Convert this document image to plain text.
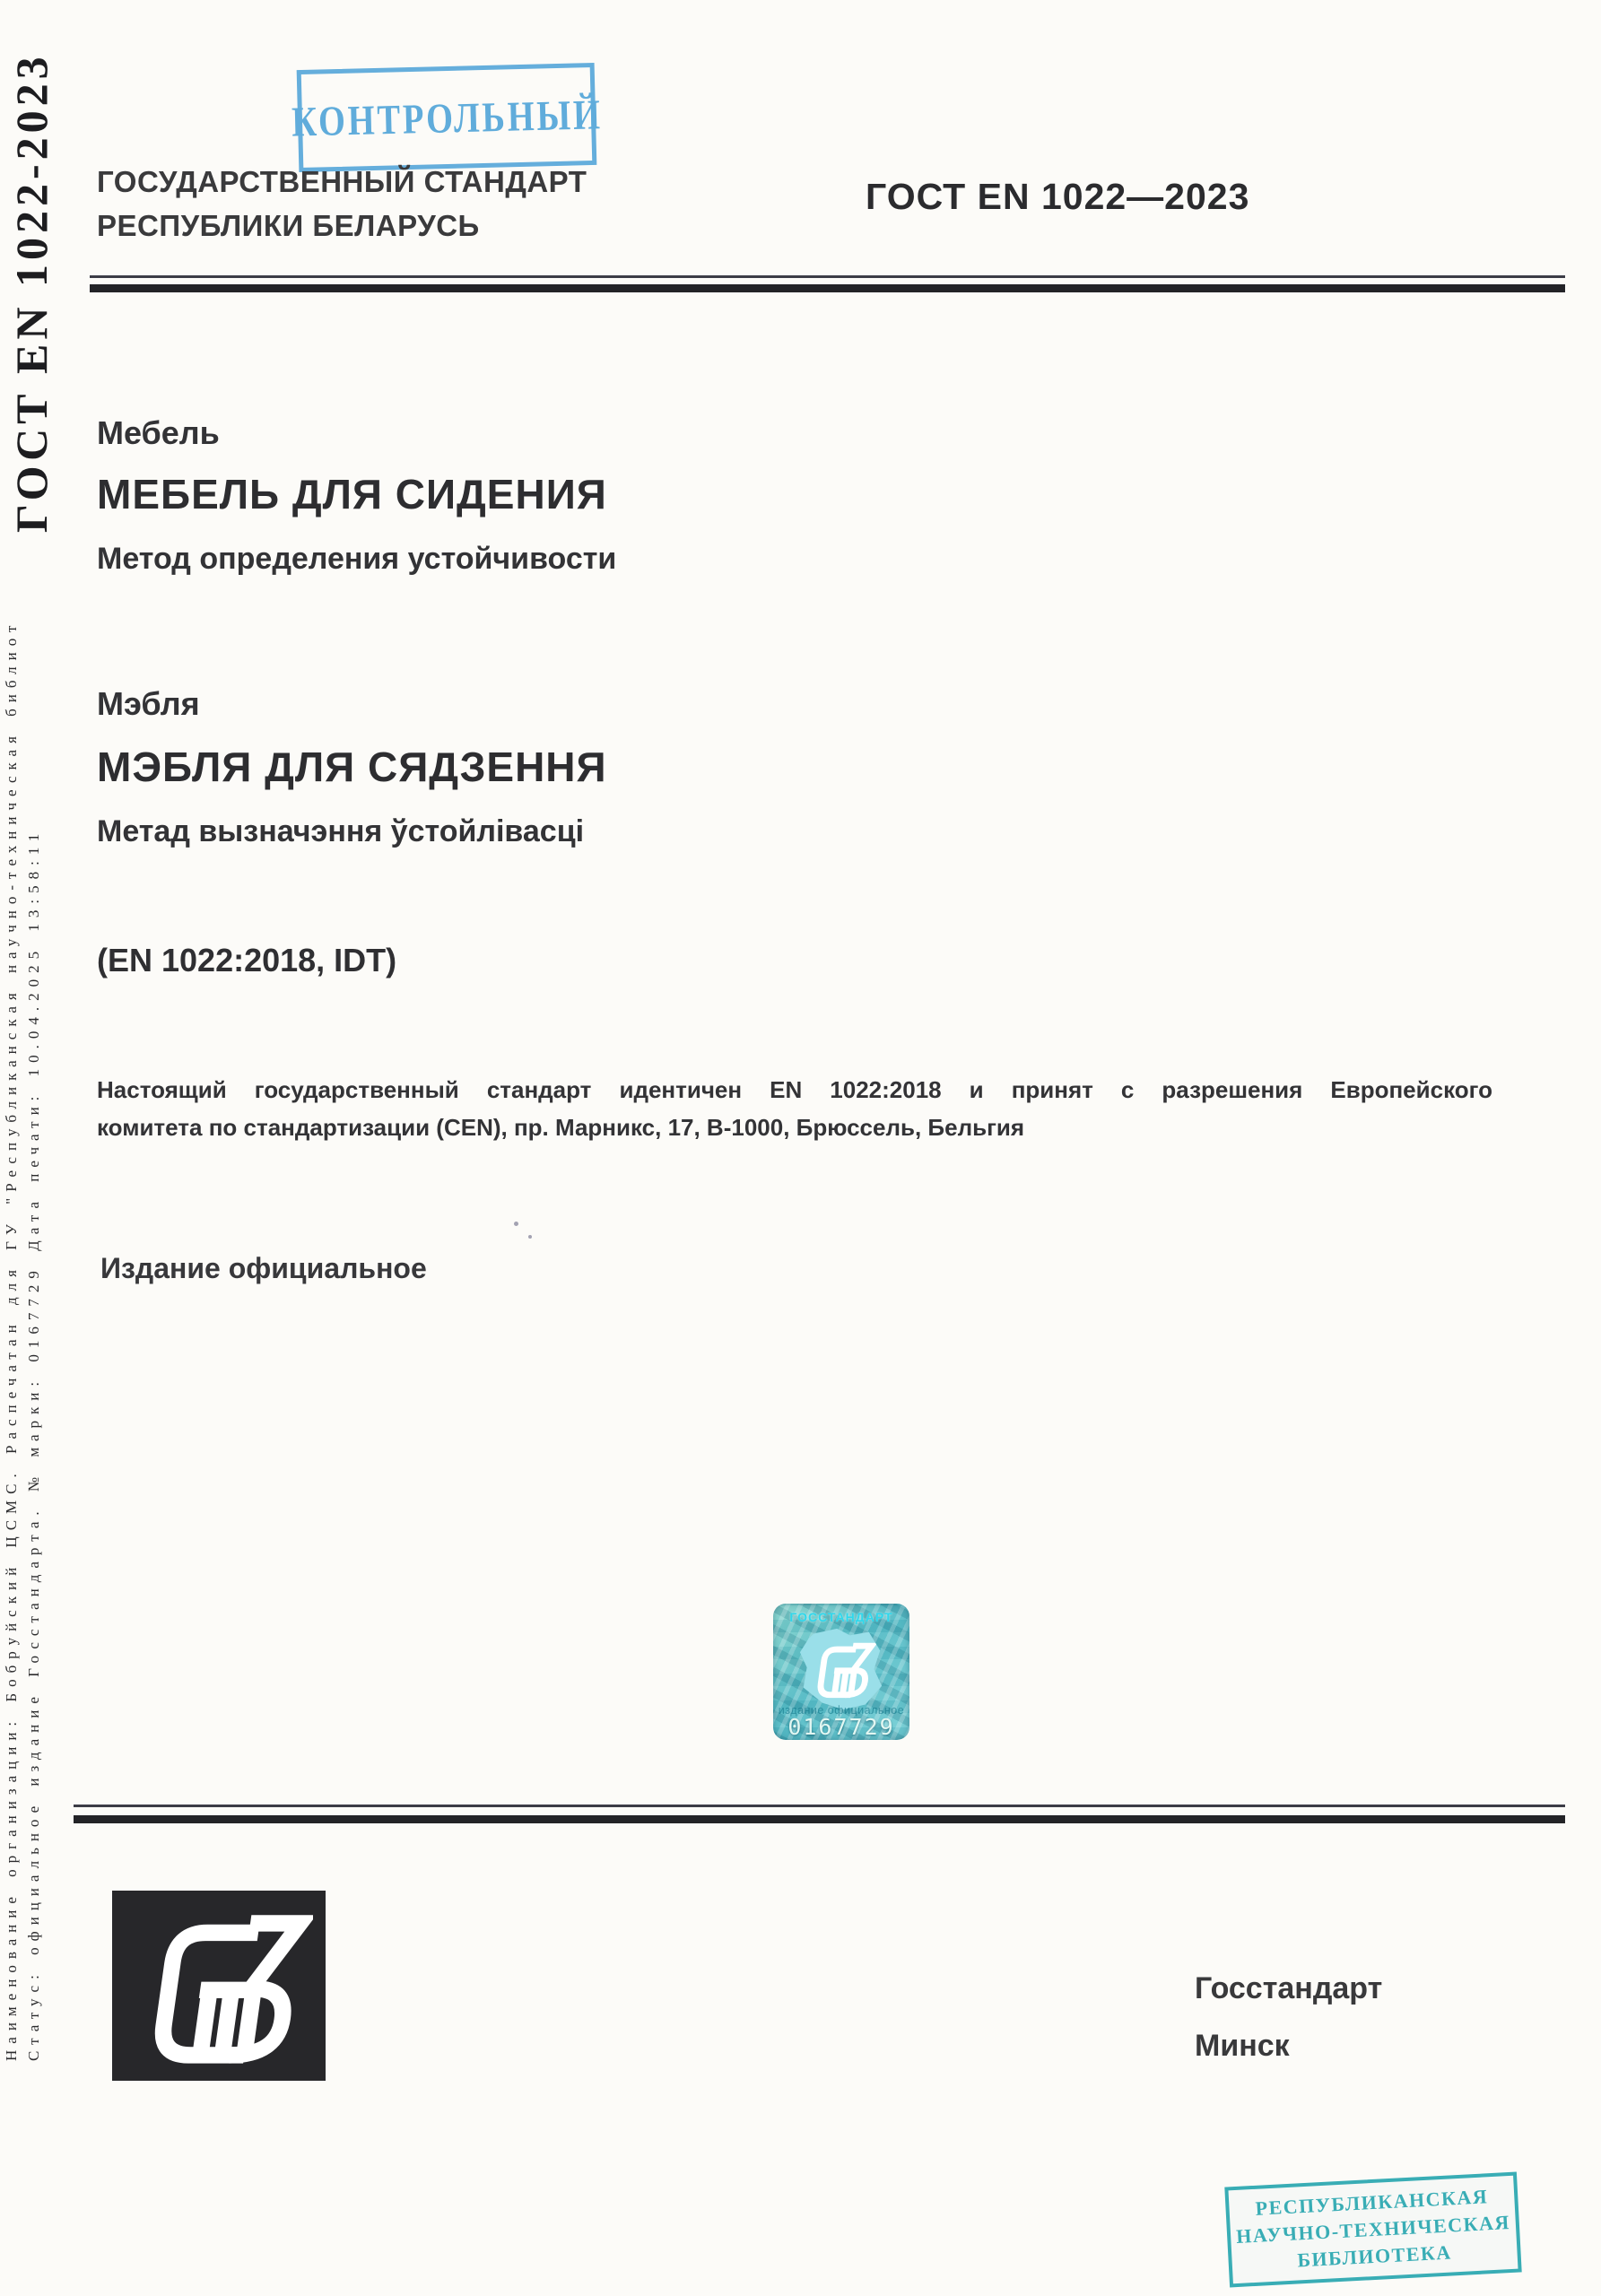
ГОСТ EN 1022-2023
Наименование организации: Бобруйский ЦСМС. Распечатан для ГУ "Республиканская научно-техническая библиот Статус: официальное издание Госстандарта. № марки: 0167729 Дата печати: 10.04.2025 13:58:11
КОНТРОЛЬНЫЙ
ГОСУДАРСТВЕННЫЙ СТАНДАРТ
РЕСПУБЛИКИ БЕЛАРУСЬ
ГОСТ EN 1022—2023
Мебель
МЕБЕЛЬ ДЛЯ СИДЕНИЯ
Метод определения устойчивости
Мэбля
МЭБЛЯ ДЛЯ СЯДЗЕННЯ
Метад вызначэння ўстойлівасці
(EN 1022:2018, IDT)
Настоящий государственный стандарт идентичен EN 1022:2018 и принят с разрешения Европейского
комитета по стандартизации (CEN), пр. Марникс, 17, B-1000, Брюссель, Бельгия
Издание официальное
ГОССТАНДАРТ
издание официальное
0167729
Госстандарт
Минск
РЕСПУБЛИКАНСКАЯ
НАУЧНО-ТЕХНИЧЕСКАЯ
БИБЛИОТЕКА
